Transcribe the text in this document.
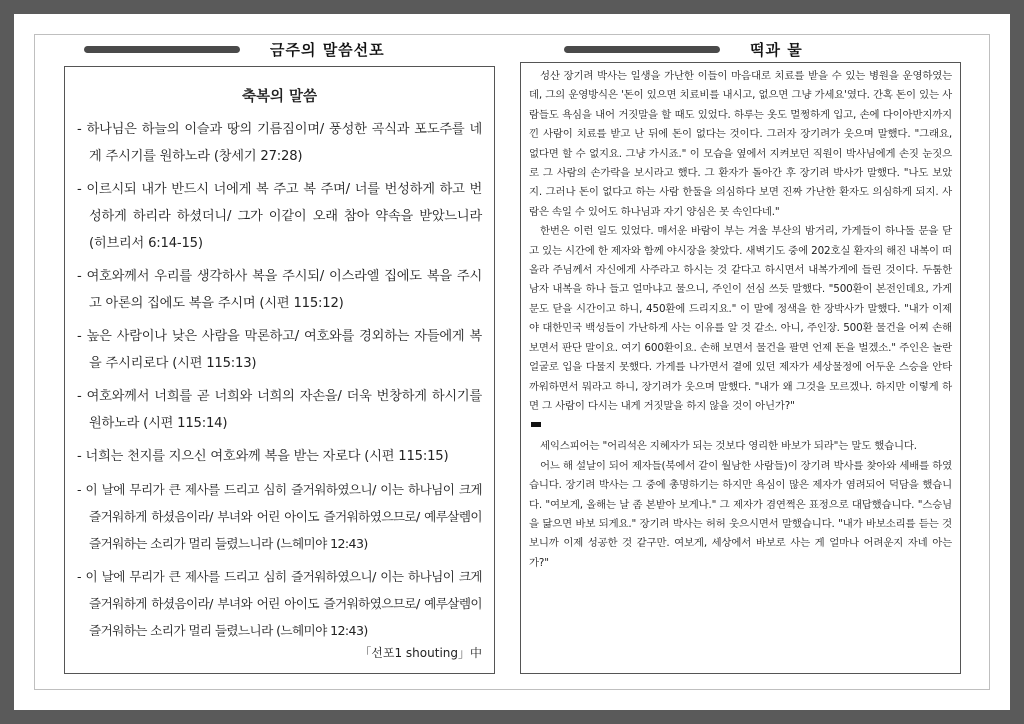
금주의 말씀선포	떡과 물
축복의 말씀
- 하나님은 하늘의 이슬과 땅의 기름짐이며/ 풍성한 곡식과 포도주를 네게 주시기를 원하노라 (창세기 27:28)
- 이르시되 내가 반드시 너에게 복 주고 복 주며/ 너를 번성하게 하고 번성하게 하리라 하셨더니/ 그가 이같이 오래 참아 약속을 받았느니라 (히브리서 6:14-15)
- 여호와께서 우리를 생각하사 복을 주시되/ 이스라엘 집에도 복을 주시고 아론의 집에도 복을 주시며 (시편 115:12)
- 높은 사람이나 낮은 사람을 막론하고/ 여호와를 경외하는 자들에게 복을 주시리로다 (시편 115:13)
- 여호와께서 너희를 곧 너희와 너희의 자손을/ 더욱 번창하게 하시기를 원하노라 (시편 115:14)
- 너희는 천지를 지으신 여호와께 복을 받는 자로다 (시편 115:15)
- 이 날에 무리가 큰 제사를 드리고 심히 즐거워하였으니/ 이는 하나님이 크게 즐거워하게 하셨음이라/ 부녀와 어린 아이도 즐거워하였으므로/ 예루살렘이 즐거워하는 소리가 멀리 들렸느니라 (느헤미야 12:43)
- 이 날에 무리가 큰 제사를 드리고 심히 즐거워하였으니/ 이는 하나님이 크게 즐거워하게 하셨음이라/ 부녀와 어린 아이도 즐거워하였으므로/ 예루살렘이 즐거워하는 소리가 멀리 들렸느니라 (느헤미야 12:43)
「선포1 shouting」中

성산 장기려 박사는 일생을 가난한 이들이 마음대로 치료를 받을 수 있는 병원을 운영하였는데, 그의 운영방식은 '돈이 있으면 치료비를 내시고, 없으면 그냥 가세요'였다. 간혹 돈이 있는 사람들도 욕심을 내어 거짓말을 할 때도 있었다. 하루는 옷도 멀쩡하게 입고, 손에 다이아반지까지 낀 사람이 치료를 받고 난 뒤에 돈이 없다는 것이다. 그러자 장기려가 웃으며 말했다. "그래요, 없다면 할 수 없지요. 그냥 가시죠." 이 모습을 옆에서 지켜보던 직원이 박사님에게 손짓 눈짓으로 그 사람의 손가락을 보시라고 했다. 그 환자가 돌아간 후 장기려 박사가 말했다. "나도 보았지. 그러나 돈이 없다고 하는 사람 한둘을 의심하다 보면 진짜 가난한 환자도 의심하게 되지. 사람은 속일 수 있어도 하나님과 자기 양심은 못 속인다네."

한번은 이런 일도 있었다. 매서운 바람이 부는 겨울 부산의 밤거리, 가게들이 하나둘 문을 닫고 있는 시간에 한 제자와 함께 야시장을 찾았다. 새벽기도 중에 202호실 환자의 해진 내복이 떠올라 주님께서 자신에게 사주라고 하시는 것 같다고 하시면서 내복가게에 들린 것이다. 두툼한 남자 내복을 하나 들고 얼마냐고 물으니, 주인이 선심 쓰듯 말했다. "500환이 본전인데요, 가게 문도 닫을 시간이고 하니, 450환에 드리지요." 이 말에 정색을 한 장박사가 말했다. "내가 이제야 대한민국 백성들이 가난하게 사는 이유를 알 것 같소. 아니, 주인장. 500환 물건을 어찌 손해 보면서 판단 말이요. 여기 600환이요. 손해 보면서 물건을 팔면 언제 돈을 벌겠소." 주인은 놀란 얼굴로 입을 다물지 못했다. 가게를 나가면서 곁에 있던 제자가 세상물정에 어두운 스승을 안타까워하면서 뭐라고 하니, 장기려가 웃으며 말했다. "내가 왜 그것을 모르겠나. 하지만 이렇게 하면 그 사람이 다시는 내게 거짓말을 하지 않을 것이 아닌가?"

세익스피어는 "어리석은 지혜자가 되는 것보다 영리한 바보가 되라"는 말도 했습니다.

어느 해 설날이 되어 제자들(북에서 같이 월남한 사람들)이 장기려 박사를 찾아와 세배를 하였습니다. 장기려 박사는 그 중에 총명하기는 하지만 욕심이 많은 제자가 염려되어 덕담을 했습니다. "여보게, 올해는 날 좀 본받아 보게나." 그 제자가 겸연쩍은 표정으로 대답했습니다. "스승님을 닮으면 바보 되게요." 장기려 박사는 허허 웃으시면서 말했습니다. "내가 바보소리를 듣는 것 보니까 이제 성공한 것 같구만. 여보게, 세상에서 바보로 사는 게 얼마나 어려운지 자네 아는가?"
